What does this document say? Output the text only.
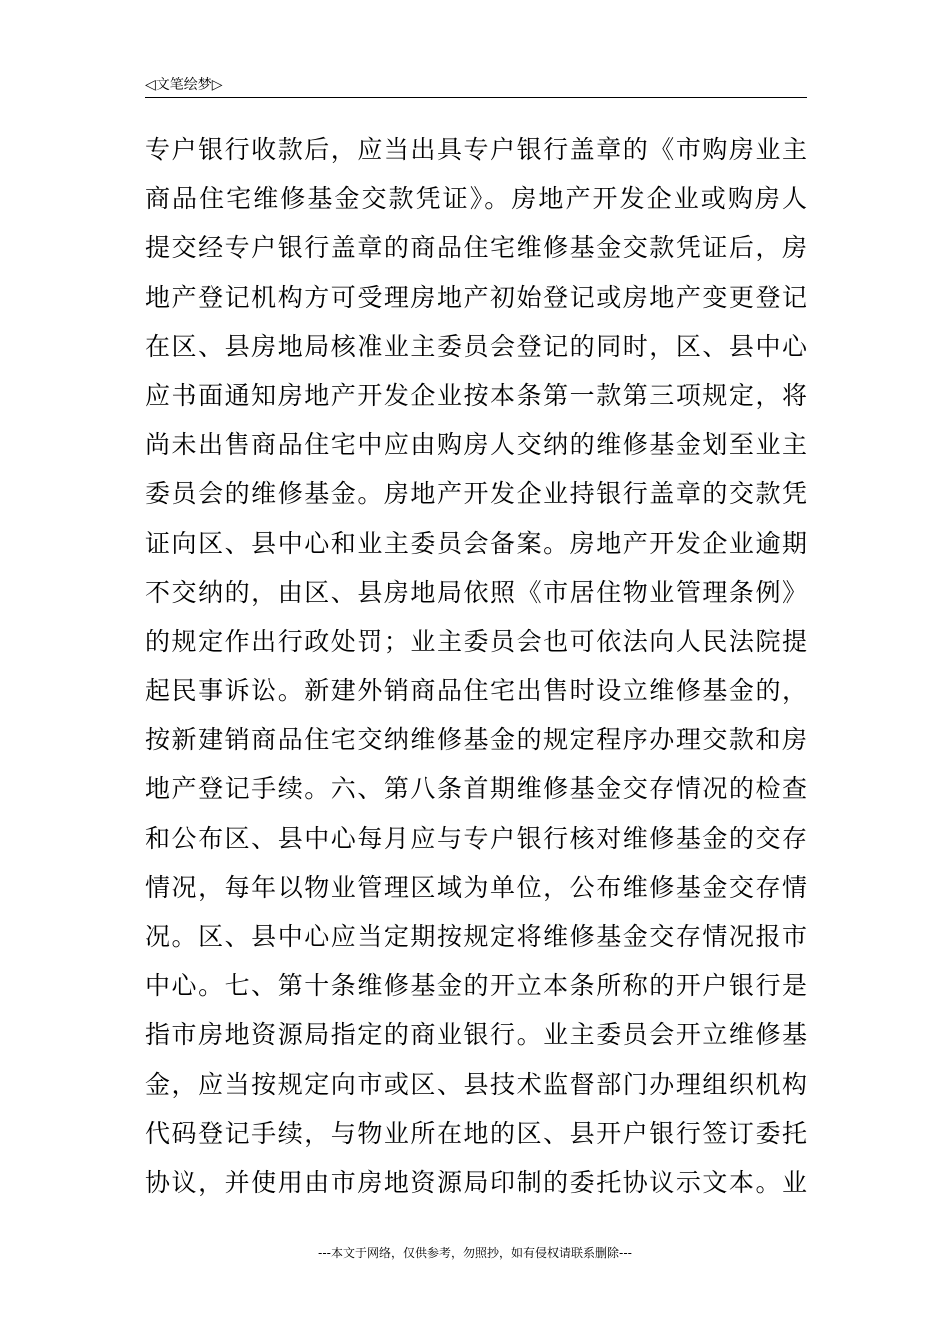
◁文笔绘梦▷
专户银行收款后，应当出具专户银行盖章的《市购房业主
商品住宅维修基金交款凭证》。房地产开发企业或购房人
提交经专户银行盖章的商品住宅维修基金交款凭证后，房
地产登记机构方可受理房地产初始登记或房地产变更登记
在区、县房地局核准业主委员会登记的同时，区、县中心
应书面通知房地产开发企业按本条第一款第三项规定，将
尚未出售商品住宅中应由购房人交纳的维修基金划至业主
委员会的维修基金。房地产开发企业持银行盖章的交款凭
证向区、县中心和业主委员会备案。房地产开发企业逾期
不交纳的，由区、县房地局依照《市居住物业管理条例》
的规定作出行政处罚；业主委员会也可依法向人民法院提
起民事诉讼。新建外销商品住宅出售时设立维修基金的，
按新建销商品住宅交纳维修基金的规定程序办理交款和房
地产登记手续。六、第八条首期维修基金交存情况的检查
和公布区、县中心每月应与专户银行核对维修基金的交存
情况，每年以物业管理区域为单位，公布维修基金交存情
况。区、县中心应当定期按规定将维修基金交存情况报市
中心。七、第十条维修基金的开立本条所称的开户银行是
指市房地资源局指定的商业银行。业主委员会开立维修基
金，应当按规定向市或区、县技术监督部门办理组织机构
代码登记手续，与物业所在地的区、县开户银行签订委托
协议，并使用由市房地资源局印制的委托协议示文本。业
---本文于网络，仅供参考，勿照抄，如有侵权请联系删除---
